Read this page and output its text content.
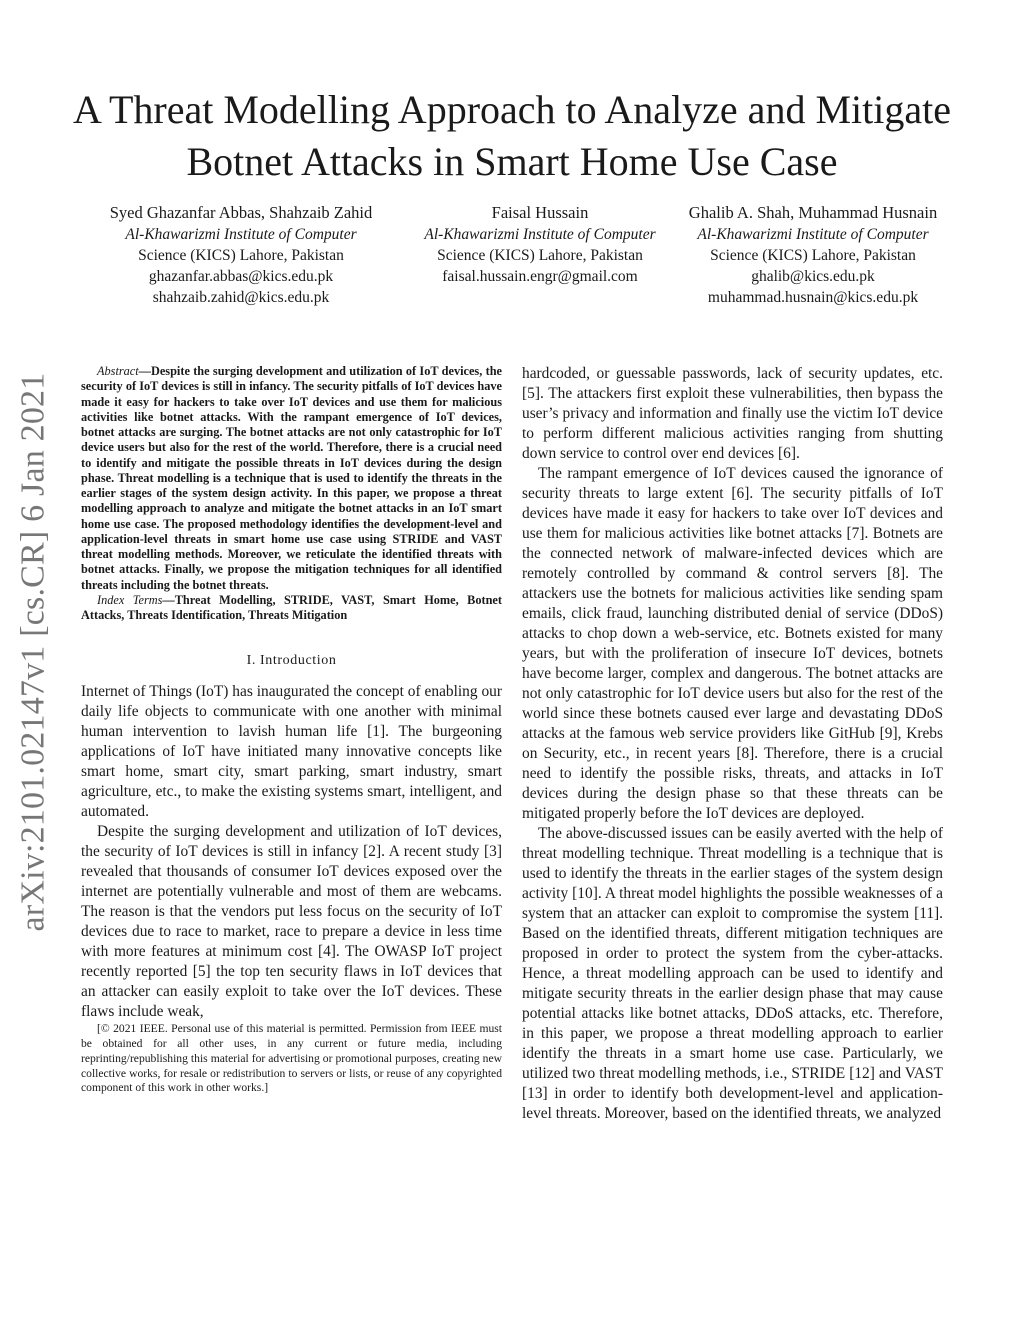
arXiv:2101.02147v1 [cs.CR] 6 Jan 2021
A Threat Modelling Approach to Analyze and Mitigate Botnet Attacks in Smart Home Use Case
Syed Ghazanfar Abbas, Shahzaib Zahid
Al-Khawarizmi Institute of Computer
Science (KICS) Lahore, Pakistan
ghazanfar.abbas@kics.edu.pk
shahzaib.zahid@kics.edu.pk
Faisal Hussain
Al-Khawarizmi Institute of Computer
Science (KICS) Lahore, Pakistan
faisal.hussain.engr@gmail.com
Ghalib A. Shah, Muhammad Husnain
Al-Khawarizmi Institute of Computer
Science (KICS) Lahore, Pakistan
ghalib@kics.edu.pk
muhammad.husnain@kics.edu.pk

Abstract—Despite the surging development and utilization of IoT devices, the security of IoT devices is still in infancy. The security pitfalls of IoT devices have made it easy for hackers to take over IoT devices and use them for malicious activities like botnet attacks. With the rampant emergence of IoT devices, botnet attacks are surging. The botnet attacks are not only catastrophic for IoT device users but also for the rest of the world. Therefore, there is a crucial need to identify and mitigate the possible threats in IoT devices during the design phase. Threat modelling is a technique that is used to identify the threats in the earlier stages of the system design activity. In this paper, we propose a threat modelling approach to analyze and mitigate the botnet attacks in an IoT smart home use case. The proposed methodology identifies the development-level and application-level threats in smart home use case using STRIDE and VAST threat modelling methods. Moreover, we reticulate the identified threats with botnet attacks. Finally, we propose the mitigation techniques for all identified threats including the botnet threats.

Index Terms—Threat Modelling, STRIDE, VAST, Smart Home, Botnet Attacks, Threats Identification, Threats Mitigation

I. Introduction

Internet of Things (IoT) has inaugurated the concept of enabling our daily life objects to communicate with one another with minimal human intervention to lavish human life [1]. The burgeoning applications of IoT have initiated many innovative concepts like smart home, smart city, smart parking, smart industry, smart agriculture, etc., to make the existing systems smart, intelligent, and automated.

Despite the surging development and utilization of IoT devices, the security of IoT devices is still in infancy [2]. A recent study [3] revealed that thousands of consumer IoT devices exposed over the internet are potentially vulnerable and most of them are webcams. The reason is that the vendors put less focus on the security of IoT devices due to race to market, race to prepare a device in less time with more features at minimum cost [4]. The OWASP IoT project recently reported [5] the top ten security flaws in IoT devices that an attacker can easily exploit to take over the IoT devices. These flaws include weak,

[© 2021 IEEE. Personal use of this material is permitted. Permission from IEEE must be obtained for all other uses, in any current or future media, including reprinting/republishing this material for advertising or promotional purposes, creating new collective works, for resale or redistribution to servers or lists, or reuse of any copyrighted component of this work in other works.]

hardcoded, or guessable passwords, lack of security updates, etc. [5]. The attackers first exploit these vulnerabilities, then bypass the user’s privacy and information and finally use the victim IoT device to perform different malicious activities ranging from shutting down service to control over end devices [6].

The rampant emergence of IoT devices caused the ignorance of security threats to large extent [6]. The security pitfalls of IoT devices have made it easy for hackers to take over IoT devices and use them for malicious activities like botnet attacks [7]. Botnets are the connected network of malware-infected devices which are remotely controlled by command & control servers [8]. The attackers use the botnets for malicious activities like sending spam emails, click fraud, launching distributed denial of service (DDoS) attacks to chop down a web-service, etc. Botnets existed for many years, but with the proliferation of insecure IoT devices, botnets have become larger, complex and dangerous. The botnet attacks are not only catastrophic for IoT device users but also for the rest of the world since these botnets caused ever large and devastating DDoS attacks at the famous web service providers like GitHub [9], Krebs on Security, etc., in recent years [8]. Therefore, there is a crucial need to identify the possible risks, threats, and attacks in IoT devices during the design phase so that these threats can be mitigated properly before the IoT devices are deployed.

The above-discussed issues can be easily averted with the help of threat modelling technique. Threat modelling is a technique that is used to identify the threats in the earlier stages of the system design activity [10]. A threat model highlights the possible weaknesses of a system that an attacker can exploit to compromise the system [11]. Based on the identified threats, different mitigation techniques are proposed in order to protect the system from the cyber-attacks. Hence, a threat modelling approach can be used to identify and mitigate security threats in the earlier design phase that may cause potential attacks like botnet attacks, DDoS attacks, etc. Therefore, in this paper, we propose a threat modelling approach to earlier identify the threats in a smart home use case. Particularly, we utilized two threat modelling methods, i.e., STRIDE [12] and VAST [13] in order to identify both development-level and application-level threats. Moreover, based on the identified threats, we analyzed
